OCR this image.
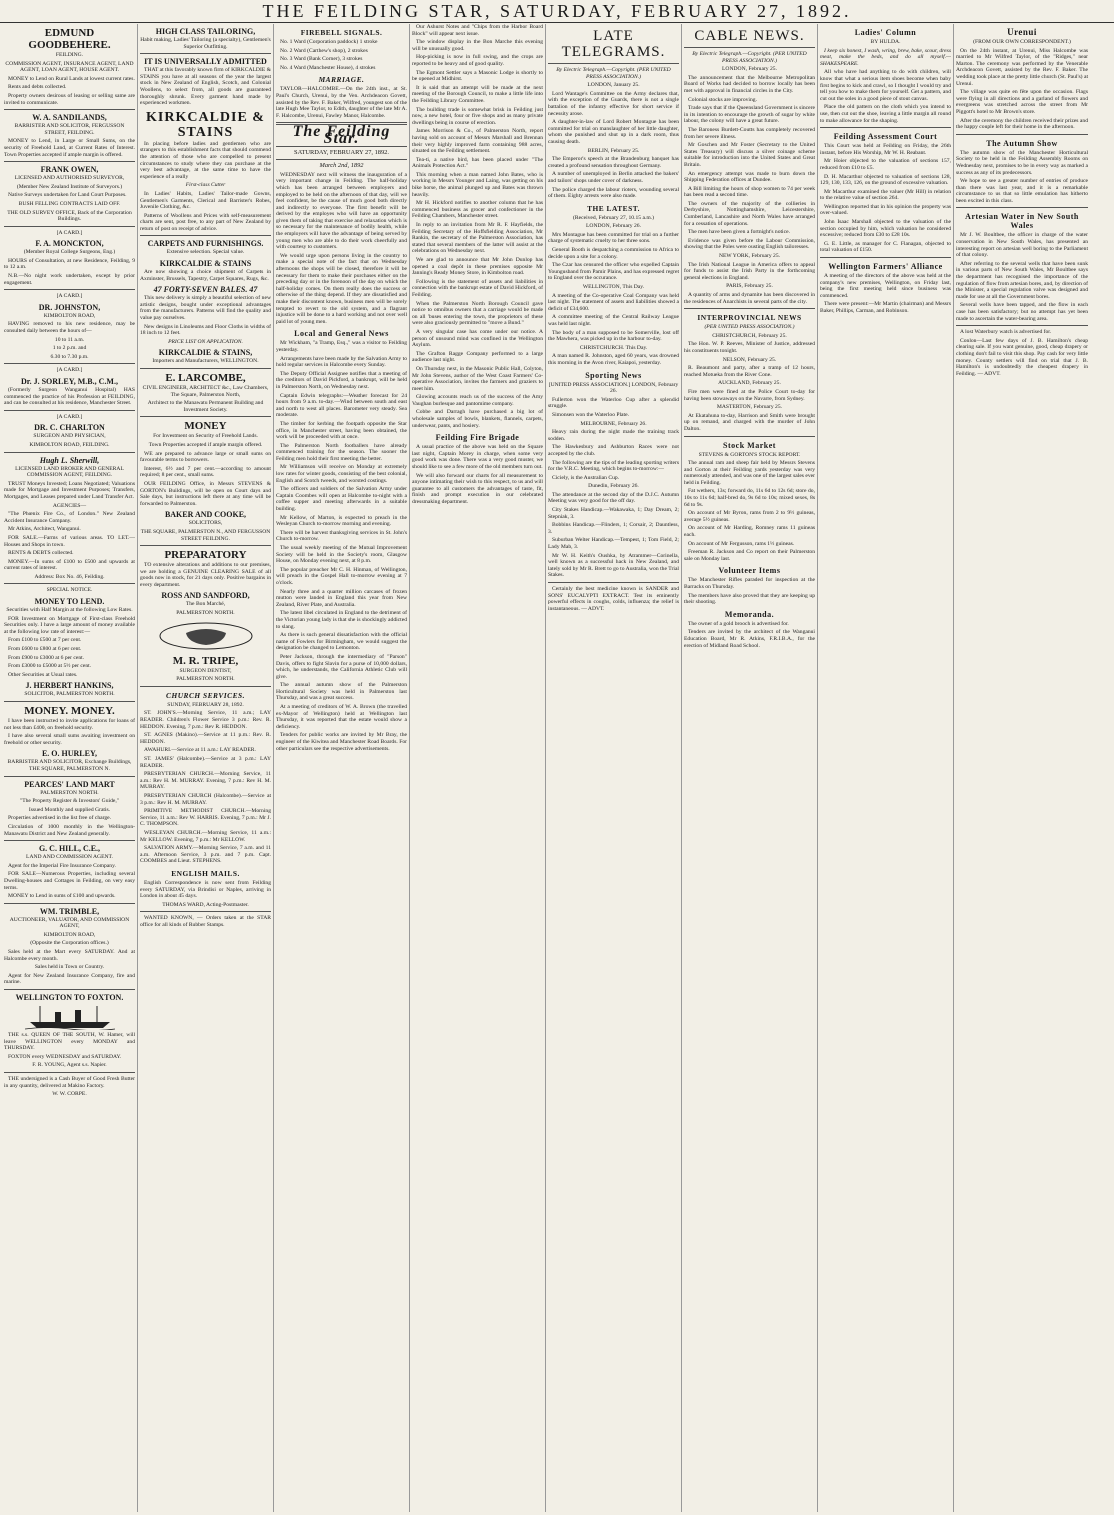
THE FEILDING STAR, SATURDAY, FEBRUARY 27, 1892.
EDMUND GOODBEHERE.

FEILDING.

COMMISSION AGENT, INSURANCE AGENT, LAND AGENT, LOAN AGENT, HOUSE AGENT.

MONEY to Lend on Rural Lands at lowest current rates.

Rents and debts collected.

Property owners desirous of leasing or selling same are invited to communicate.

W. A. SANDILANDS,

BARRISTER AND SOLICITOR, FERGUSSON STREET, FEILDING.

MONEY to Lend, in Large or Small Sums, on the security of Freehold Land, at Current Rates of Interest. Town Properties accepted if ample margin is offered.

FRANK OWEN,

LICENSED AND AUTHORISED SURVEYOR,

(Member New Zealand Institute of Surveyors.)

Native Surveys undertaken for Land Court Purposes.

BUSH FELLING CONTRACTS LAID OFF.

THE OLD SURVEY OFFICE, Back of the Corporation Buildings.

[A CARD.]

F. A. MONCKTON,

(Member Royal College Surgeons, Eng.)

HOURS of Consultation, at new Residence, Feilding, 9 to 12 a.m.

N.B.—No night work undertaken, except by prior engagement.

[A CARD.]

DR. JOHNSTON,

KIMBOLTON ROAD,

HAVING removed to his new residence, may be consulted daily between the hours of—

10 to 11 a.m.

1 to 2 p.m. and

6.30 to 7.30 p.m.

[A CARD.]

Dr. J. SORLEY, M.B., C.M.,

(Formerly Surgeon Wanganui Hospital) HAS commenced the practice of his Profession at FEILDING, and can be consulted at his residence, Manchester Street.

[A CARD.]

DR. C. CHARLTON

SURGEON AND PHYSICIAN,

KIMBOLTON ROAD, FEILDING.

Hugh L. Sherwill,

LICENSED LAND BROKER AND GENERAL COMMISSION AGENT, FEILDING.

TRUST Moneys Invested; Loans Negotiated; Valuations made for Mortgage and Investment Purposes; Transfers, Mortgages, and Leases prepared under Land Transfer Act.

AGENCIES—

"The Phœnix Fire Co., of London." New Zealand Accident Insurance Company.

Mr Atkins, Architect, Wanganui.

FOR SALE.—Farms of various areas. TO LET.—Houses and Shops in town.

RENTS & DEBTS collected.

MONEY.—In sums of £100 to £500 and upwards at current rates of interest.

Address: Box No. 46, Feilding.

SPECIAL NOTICE.

MONEY TO LEND.

Securities with Half Margin at the following Low Rates.

FOR Investment on Mortgage of First-class Freehold Securities only. I have a large amount of money available at the following low rate of interest:—

From £100 to £500 at 7 per cent.

From £600 to £800 at 6 per cent.

From £900 to £3000 at 6 per cent.

From £3000 to £5000 at 5½ per cent.

Other Securities at Usual rates.

J. HERBERT HANKINS,

SOLICITOR, PALMERSTON NORTH.

MONEY. MONEY.

I have been instructed to invite applications for loans of not less than £400, on freehold security.

I have also several small sums awaiting investment on freehold or other security.

E. O. HURLEY,

BARRISTER AND SOLICITOR, Exchange Buildings, THE SQUARE, PALMERSTON N.

PEARCES' LAND MART

PALMERSTON NORTH.

"The Property Register & Investors' Guide,"

Issued Monthly and supplied Gratis.

Properties advertised in the list free of charge.

Circulation of 1000 monthly in the Wellington-Manawatu District and New Zealand generally.

G. C. HILL, C.E.,

LAND AND COMMISSION AGENT.

Agent for the Imperial Fire Insurance Company.

FOR SALE—Numerous Properties, including several Dwelling-houses and Cottages in Feilding, on very easy terms.

MONEY to Lend in sums of £100 and upwards.

WM. TRIMBLE,

AUCTIONEER, VALUATOR, AND COMMISSION AGENT,

KIMBOLTON ROAD,

(Opposite the Corporation offices.)

Sales held at the Mart every SATURDAY. And at Halcombe every month.

Sales held in Town or Country.

Agent for New Zealand Insurance Company, fire and marine.

WELLINGTON TO FOXTON.

THE s.s. QUEEN OF THE SOUTH, W. Hamer, will leave WELLINGTON every MONDAY and THURSDAY.

FOXTON every WEDNESDAY and SATURDAY.

F. R. YOUNG, Agent s.s. Napier.

THE undersigned is a Cash Buyer of Good Fresh Butter in any quantity, delivered at Makino Factory.

W. W. CORPE.

HIGH CLASS TAILORING,

Habit making, Ladies' Tailoring (a specialty), Gentlemen's Superior Outfitting.

IT IS UNIVERSALLY ADMITTED

THAT at this favorably known firm of KIRKCALDIE & STAINS you have at all seasons of the year the largest stock in New Zealand of English, Scotch, and Colonial Woollens, to select from, all goods are guaranteed thoroughly shrunk. Every garment hand made by experienced workmen.

KIRKCALDIE & STAINS

In placing before ladies and gentlemen who are strangers to this establishment facts that should commend the attention of those who are compelled to present circumstances to study where they can purchase at the very best advantage, at the same time to have the experience of a really

First-class Cutter

In Ladies' Habits, Ladies' Tailor-made Gowns, Gentlemen's Garments, Clerical and Barrister's Robes, Juvenile Clothing, &c.

Patterns of Woollens and Prices with self-measurement charts are sent, post free, to any part of New Zealand by return of post on receipt of advice.

CARPETS AND FURNISHINGS.

Extensive selection. Special value.

KIRKCALDIE & STAINS

Are now showing a choice shipment of Carpets in Axminster, Brussels, Tapestry, Carpet Squares, Rugs, &c.

47 FORTY-SEVEN BALES. 47

This new delivery is simply a beautiful selection of new artistic designs, bought under exceptional advantages from the manufacturers. Patterns will find the quality and value pay ourselves.

New designs in Linoleums and Floor Cloths in widths of 18 inch to 12 feet.

PRICE LIST ON APPLICATION.

KIRKCALDIE & STAINS,

Importers and Manufacturers, WELLINGTON.

E. LARCOMBE,

CIVIL ENGINEER, ARCHITECT &c., Law Chambers, The Square, Palmerston North,

Architect to the Manawatu Permanent Building and Investment Society.

MONEY

For Investment on Security of Freehold Lands.

Town Properties accepted if ample margin offered.

WE are prepared to advance large or small sums on favourable terms to borrowers.

Interest, 6½ and 7 per cent.—according to amount required; 8 per cent., small sums.

OUR FEILDING Office, in Messrs STEVENS & GORTON's Buildings, will be open on Court days and Sale days, but instructions left there at any time will be forwarded to Palmerston.

BAKER AND COOKE,

SOLICITORS,

THE SQUARE, PALMERSTON N., AND FERGUSSON STREET FEILDING.

PREPARATORY

TO extensive alterations and additions to our premises, we are holding a GENUINE CLEARING SALE of all goods now in stock, for 21 days only. Positive bargains in every department.

ROSS AND SANDFORD,

The Bon Marché,

PALMERSTON NORTH.

M. R. TRIPE,

SURGEON DENTIST,

PALMERSTON NORTH.

CHURCH SERVICES.

SUNDAY, FEBRUARY 28, 1892.

ST. JOHN'S.—Morning Service, 11 a.m.; LAY READER. Children's Flower Service 3 p.m.: Rev. R. HEDDON. Evening, 7 p.m.: Rev R. HEDDON.

ST. AGNES (Makino).—Service at 11 p.m.: Rev. R. HEDDON.

AWAHURI.—Service at 11 a.m.: LAY READER.

ST. JAMES' (Halcombe).—Service at 3 p.m.: LAY READER.

PRESBYTERIAN CHURCH.—Morning Service, 11 a.m.: Rev H. M. MURRAY. Evening, 7 p.m.: Rev H. M. MURRAY.

PRESBYTERIAN CHURCH (Halcombe).—Service at 3 p.m.: Rev H. M. MURRAY.

PRIMITIVE METHODIST CHURCH.—Morning Service, 11 a.m.: Rev W. HARRIS. Evening, 7 p.m.: Mr J. C. THOMPSON.

WESLEYAN CHURCH.—Morning Service, 11 a.m.: Mr KELLOW. Evening, 7 p.m.: Mr KELLOW.

SALVATION ARMY.—Morning Service, 7 a.m. and 11 a.m. Afternoon Service, 3 p.m. and 7 p.m. Capt. COOMBES and Lieut. STEPHENS.

ENGLISH MAILS.

English Correspondence is now sent from Feilding every SATURDAY, via Brindisi or Naples, arriving in London in about 45 days.

THOMAS WARD, Acting-Postmaster.

WANTED KNOWN, — Orders taken at the STAR office for all kinds of Rubber Stamps.

FIREBELL SIGNALS.

No. 1 Ward (Corporation paddock) 1 stroke

No. 2 Ward (Carthew's shop), 2 strokes

No. 3 Ward (Bank Corner), 3 strokes

No. 4 Ward (Manchester House), 4 strokes

MARRIAGE.

TAYLOR—HALCOMBE.—On the 24th inst., at St. Paul's Church, Urenui, by the Ven. Archdeacon Govett, assisted by the Rev. F. Baker, Wilfred, youngest son of the late Hugh Mee Taylor, to Edith, daughter of the late Mr A. F. Halcombe, Urenui, Fawley Manor, Halcombe.

The Feilding Star.
SATURDAY, FEBRUARY 27, 1892.
March 2nd, 1892

WEDNESDAY next will witness the inauguration of a very important change in Feilding. The half-holiday which has been arranged between employers and employed to be held on the afternoon of that day, will we feel confident, be the cause of much good both directly and indirectly to everyone. The first benefit will be derived by the employes who will have an opportunity given them of taking that exercise and relaxation which is so necessary for the maintenance of bodily health, while the employers will have the advantage of being served by young men who are able to do their work cheerfully and with courtesy to customers.

We would urge upon persons living in the country to make a special note of the fact that on Wednesday afternoons the shops will be closed, therefore it will be necessary for them to make their purchases either on the preceding day or in the forenoon of the day on which the half-holiday comes. On them really does the success or otherwise of the thing depend. If they are dissatisfied and make their discontent known, business men will be sorely tempted to revert to the old system, and a flagrant injustice will be done to a hard working and not over well paid lot of young men.

Local and General News

Mr Wickham, "a Tramp, Esq.," was a visitor to Feilding yesterday.

Arrangements have been made by the Salvation Army to hold regular services in Halcombe every Sunday.

The Deputy Official Assignee notifies that a meeting of the creditors of David Pickford, a bankrupt, will be held in Palmerston North, on Wednesday next.

Captain Edwin telegraphs:—Weather forecast for 24 hours from 9 a.m. to-day.—Wind between south and east and north to west all places. Barometer very steady. Sea moderate.

The timber for kerbing the footpath opposite the Star office, in Manchester street, having been obtained, the work will be proceeded with at once.

The Palmerston North footballers have already commenced training for the season. The sooner the Feilding men hold their first meeting the better.

Mr Williamson will receive on Monday at extremely low rates for winter goods, consisting of the best colonial, English and Scotch tweeds, and worsted costings.

The officers and soldiers of the Salvation Army under Captain Coombes will open at Halcombe to-night with a coffee supper and meeting afterwards in a suitable building.

Mr Kellow, of Marton, is expected to preach in the Wesleyan Church to-morrow morning and evening.

There will be harvest thanksgiving services in St. John's Church to-morrow.

The usual weekly meeting of the Mutual Improvement Society will be held in the Society's room, Glasgow House, on Monday evening next, at 8 p.m.

The popular preacher Mr C. H. Hinman, of Wellington, will preach in the Gospel Hall to-morrow evening at 7 o'clock.

Nearly three and a quarter million carcases of frozen mutton were landed in England this year from New Zealand, River Plate, and Australia.

The latest libel circulated in England to the detriment of the Victorian young lady is that she is shockingly addicted to slang.

As there is such general dissatisfaction with the official name of Fowlers for Birmingham, we would suggest the designation be changed to Lemonton.

Peter Jackson, through the intermediary of "Parson" Davis, offers to fight Slavin for a purse of 10,000 dollars, which, he understands, the California Athletic Club will give.

The annual autumn show of the Palmerston Horticultural Society was held in Palmerston last Thursday, and was a great success.

At a meeting of creditors of W. A. Brown (the travelled ex-Mayor of Wellington) held at Wellington last Thursday, it was reported that the estate would show a deficiency.

Tenders for public works are invited by Mr Bray, the engineer of the Kiwitea and Manchester Road Boards. For other particulars see the respective advertisements.

Our Ashurst Notes and "Chips from the Harbor Board Block" will appear next issue.

The window display in the Bon Marche this evening will be unusually good.

Hop-picking is now in full swing, and the crops are reported to be heavy and of good quality.

The Egmont Settler says a Masonic Lodge is shortly to be opened at Midhirst.

It is said that an attempt will be made at the next meeting of the Borough Council, to make a little life into the Feilding Library Committee.

The building trade is somewhat brisk in Feilding just now, a new hotel, four or five shops and as many private dwellings being in course of erection.

James Morrison & Co., of Palmerston North, report having sold on account of Messrs Marshall and Brennan their very highly improved farm containing 988 acres, situated on the Feilding settlement.

Tea-ti, a native bird, has been placed under "The Animals Protection Act."

This morning when a man named John Bates, who is working in Messrs Younger and Laing, was getting on his bike horse, the animal plunged up and Bates was thrown heavily.

Mr H. Hickford notifies to another column that he has commenced business as grocer and confectioner in the Feilding Chambers, Manchester street.

In reply to an invitation from Mr R. F. Hayfields, the Feilding Secretary of the Hoffsfielding Association, Mr Rankin, the secretary of the Palmerston Association, has stated that several members of the latter will assist at the celebrations on Wednesday next.

We are glad to announce that Mr John Dunlop has opened a coal depôt in these premises opposite Mr Janning's Ready Money Store, in Kimbolton road.

Following is the statement of assets and liabilities in connection with the bankrupt estate of David Hickford, of Feilding.

When the Palmerston North Borough Council gave notice to omnibus owners that a carriage would be made on all 'buses entering the town, the proprietors of these were also graciously permitted to "move a Bund."

A very singular case has come under our notice. A person of unsound mind was confined in the Wellington Asylum.

The Grafton Ragge Company performed to a large audience last night.

On Thursday next, in the Masonic Public Hall, Colyton, Mr John Stevens, author of the West Coast Farmers' Co-operative Association, invites the farmers and graziers to meet him.

Glowing accounts reach us of the success of the Amy Vaughan burlesque and pantomime company.

Cobbe and Darragh have purchased a big lot of wholesale samples of bowls, blankets, flannels, carpets, underwear, pants, and hosiery.

Feilding Fire Brigade

A usual practice of the above was held on the Square last night, Captain Morey in charge, when some very good work was done. There was a very good muster, we should like to see a few more of the old members turn out.

We will also forward our charts for all measurement to anyone intimating their wish to this respect, to us and will guarantee to all customers the advantages of taste, fit, finish and prompt execution in our celebrated dressmaking department.

LATE TELEGRAMS.

By Electric Telegraph.—Copyright. (PER UNITED PRESS ASSOCIATION.)

LONDON, January 25.

Lord Wantage's Committee on the Army declares that, with the exception of the Guards, there is not a single battalion of the infantry effective for short service if necessity arose.

A daughter-in-law of Lord Robert Montague has been committed for trial on manslaughter of her little daughter, whom she punished and shut up in a dark room, thus causing death.

BERLIN, February 25.

The Emperor's speech at the Brandenburg banquet has created a profound sensation throughout Germany.

A number of unemployed in Berlin attacked the bakers' and tailors' shops under cover of darkness.

The police charged the labour rioters, wounding several of them. Eighty arrests were also made.

THE LATEST.

(Received, February 27, 10.15 a.m.)

LONDON, February 26.

Mrs Montague has been committed for trial on a further charge of systematic cruelty to her three sons.

General Booth is despatching a commission to Africa to decide upon a site for a colony.

The Czar has censured the officer who expelled Captain Youngusband from Pamir Plains, and has expressed regret to England over the occurance.

WELLINGTON, This Day.

A meeting of the Co-operative Coal Company was held last night. The statement of assets and liabilities showed a deficit of £34,600.

A committee meeting of the Central Railway League was held last night.

The body of a man supposed to be Somerville, lost off the Mawhera, was picked up in the harbour to-day.

CHRISTCHURCH. This Day.

A man named R. Johnston, aged 60 years, was drowned this morning in the Avon river, Kaiapoi, yesterday.

Sporting News

[UNITED PRESS ASSOCIATION.] LONDON, February 26.

Fullerton won the Waterloo Cup after a splendid struggle.

Simonsen won the Waterloo Plate.

MELBOURNE, February 26.

Heavy rain during the night made the training track sodden.

The Hawkesbury and Ashburton Races were not accepted by the club.

The following are the tips of the leading sporting writers for the V.R.C. Meeting, which begins to-morrow:—

Ciciely, is the Australian Cup.

Dunedin, February 26.

The attendance at the second day of the D.J.C. Autumn Meeting was very good for the off day.

City Stakes Handicap.—Wakawaka, 1; Day Dream, 2; Stepniak, 3.

Bobbins Handicap.—Flinders, 1; Corsair, 2; Dauntless, 3.

Suburban Welter Handicap.—Tempest, 1; Tom Field, 2; Lady Mab, 3.

Mr W. H. Keith's Oushka, by Atrammer—Corinella, well known as a successful hack in New Zealand, and lately sold by Mr R. Brett to go to Australia, won the Trial Stakes.

Certainly the best medicine known is SANDER and SONS' EUCALYPTI EXTRACT. Test its eminently powerful effects in coughs, colds, influenza; the relief is instantaneous. — ADVT.

CABLE NEWS.

By Electric Telegraph.—Copyright. (PER UNITED PRESS ASSOCIATION.)

LONDON, February 25.

The announcement that the Melbourne Metropolitan Board of Works had decided to borrow locally has been met with approval in financial circles in the City.

Colonial stocks are improving.

Trade says that if the Queensland Government is sincere in its intention to encourage the growth of sugar by white labour, the colony will have a great future.

The Baroness Burdett-Coutts has completely recovered from her severe illness.

Mr Goschen and Mr Foster (Secretary to the United States Treasury) will discuss a silver coinage scheme suitable for introduction into the United States and Great Britain.

An emergency attempt was made to burn down the Shipping Federation offices at Dundee.

A Bill limiting the hours of shop women to 74 per week has been read a second time.

The owners of the majority of the collieries in Derbyshire, Nottinghamshire, Leicestershire, Cumberland, Lancashire and North Wales have arranged for a cessation of operations.

The men have been given a fortnight's notice.

Evidence was given before the Labour Commission, showing that the Poles were ousting English tailoresses.

NEW YORK, February 25.

The Irish National League in America offers to appeal for funds to assist the Irish Party in the forthcoming general elections in England.

PARIS, February 25.

A quantity of arms and dynamite has been discovered in the residences of Anarchists in several parts of the city.

INTERPROVINCIAL NEWS

(PER UNITED PRESS ASSOCIATION.)

CHRISTCHURCH, February 25.

The Hon. W. P. Reeves, Minister of Justice, addressed his constituents tonight.

NELSON, February 25.

R. Beaumont and party, after a tramp of 12 hours, reached Motueka from the River Cone.

AUCKLAND, February 25.

Fire men were fined at the Police Court to-day for having been stowaways on the Navarre, from Sydney.

MASTERTON, February 25.

At Ekatahuna to-day, Harrison and Smith were brought up on remand, and charged with the murder of John Dalton.

Stock Market

STEVENS & GORTON'S STOCK REPORT.

The annual ram and sheep fair held by Messrs Stevens and Gorton at their Feilding yards yesterday was very numerously attended, and was one of the largest sales ever held in Feilding.

Fat wethers, 13s; forward do, 11s 6d to 12s 6d; store do, 10s to 11s 6d; half-bred do, 9s 6d to 10s; mixed sexes, 8s 6d to 9s.

On account of Mr Byron, rams from 2 to 9½ guineas, average 5½ guineas.

On account of Mr Harding, Romney rams 11 guineas each.

On account of Mr Fergusson, rams 1½ guineas.

Freeman R. Jackson and Co report on their Palmerston sale on Monday last.

Volunteer Items

The Manchester Rifles paraded for inspection at the Barracks on Thursday.

The members have also proved that they are keeping up their shooting.

Memoranda.

The owner of a gold brooch is advertised for.

Tenders are invited by the architect of the Wanganui Education Board, Mr R. Atkins, F.R.I.B.A., for the erection of Midland Road School.

Ladies' Column

BY HULDA.

I keep six honest, I wash, wring, brew, bake, scour, dress meat, make the beds, and do all myself.—SHAKESPEARE.

All who have had anything to do with children, will know that what a serious item shoes become when baby first begins to kick and crawl, so I thought I would try and tell you how to make them for yourself. Get a pattern, and cut out the soles in a good piece of stout canvas.

Place the old pattern on the cloth which you intend to use, then cut out the shoe, leaving a little margin all round to make allowance for the shaping.

Feilding Assessment Court

This Court was held at Feilding on Friday, the 26th instant, before His Worship, Mr W. H. Reabant.

Mr Hoier objected to the valuation of sections 157, reduced from £10 to £5.

D. H. Macarthur objected to valuation of sections 128, 129, 130, 133, 126, on the ground of excessive valuation.

Mr Macarthur examined the valuer (Mr Hill) in relation to the relative value of section 264.

Wellington reported that in his opinion the property was over-valued.

John Isaac Marshall objected to the valuation of the section occupied by him, which valuation he considered excessive; reduced from £30 to £28 10s.

G. E. Little, as manager for C. Flanagan, objected to total valuation of £150.

Wellington Farmers' Alliance

A meeting of the directors of the above was held at the company's new premises, Wellington, on Friday last, being the first meeting held since business was commenced.

There were present:—Mr Martin (chairman) and Messrs Baker, Phillips, Carman, and Robinson.

Urenui

(FROM OUR OWN CORRESPONDENT.)

On the 24th instant, at Urenui, Miss Halcombe was married to Mr Wilfred Taylor, of the "Ridges," near Marton. The ceremony was performed by the Venerable Archdeacon Govett, assisted by the Rev. F. Baker. The wedding took place at the pretty little church (St. Paul's) at Urenui.

The village was quite en fête upon the occasion. Flags were flying in all directions and a garland of flowers and evergreens was stretched across the street from Mr Piggott's hotel to Mr Brown's store.

After the ceremony the children received their prizes and the happy couple left for their home in the afternoon.

The Autumn Show

The autumn show of the Manchester Horticultural Society to be held in the Feilding Assembly Rooms on Wednesday next, promises to be in every way as marked a success as any of its predecessors.

We hope to see a greater number of entries of produce than there was last year, and it is a remarkable circumstance to us that so little emulation has hitherto been excited in this class.

Artesian Water in New South Wales

Mr J. W. Boultbee, the officer in charge of the water conservation in New South Wales, has presented an interesting report on artesian well boring to the Parliament of that colony.

After referring to the several wells that have been sunk in various parts of New South Wales, Mr Boultbee says the department has recognised the importance of the regulation of flow from artesian bores, and, by direction of the Minister, a special regulation valve was designed and made for use at all the Government bores.

Several wells have been tapped, and the flow in each case has been satisfactory; but no attempt has yet been made to ascertain the water-bearing area.

A lost Waterbury watch is advertised for.

Conlon—Last few days of J. B. Hamilton's cheap clearing sale. If you want genuine, good, cheap drapery or clothing don't fail to visit this shop. Pay cash for very little money. County settlers will find on trial that J. B. Hamilton's is undoubtedly the cheapest drapery in Feilding. — ADVT.
